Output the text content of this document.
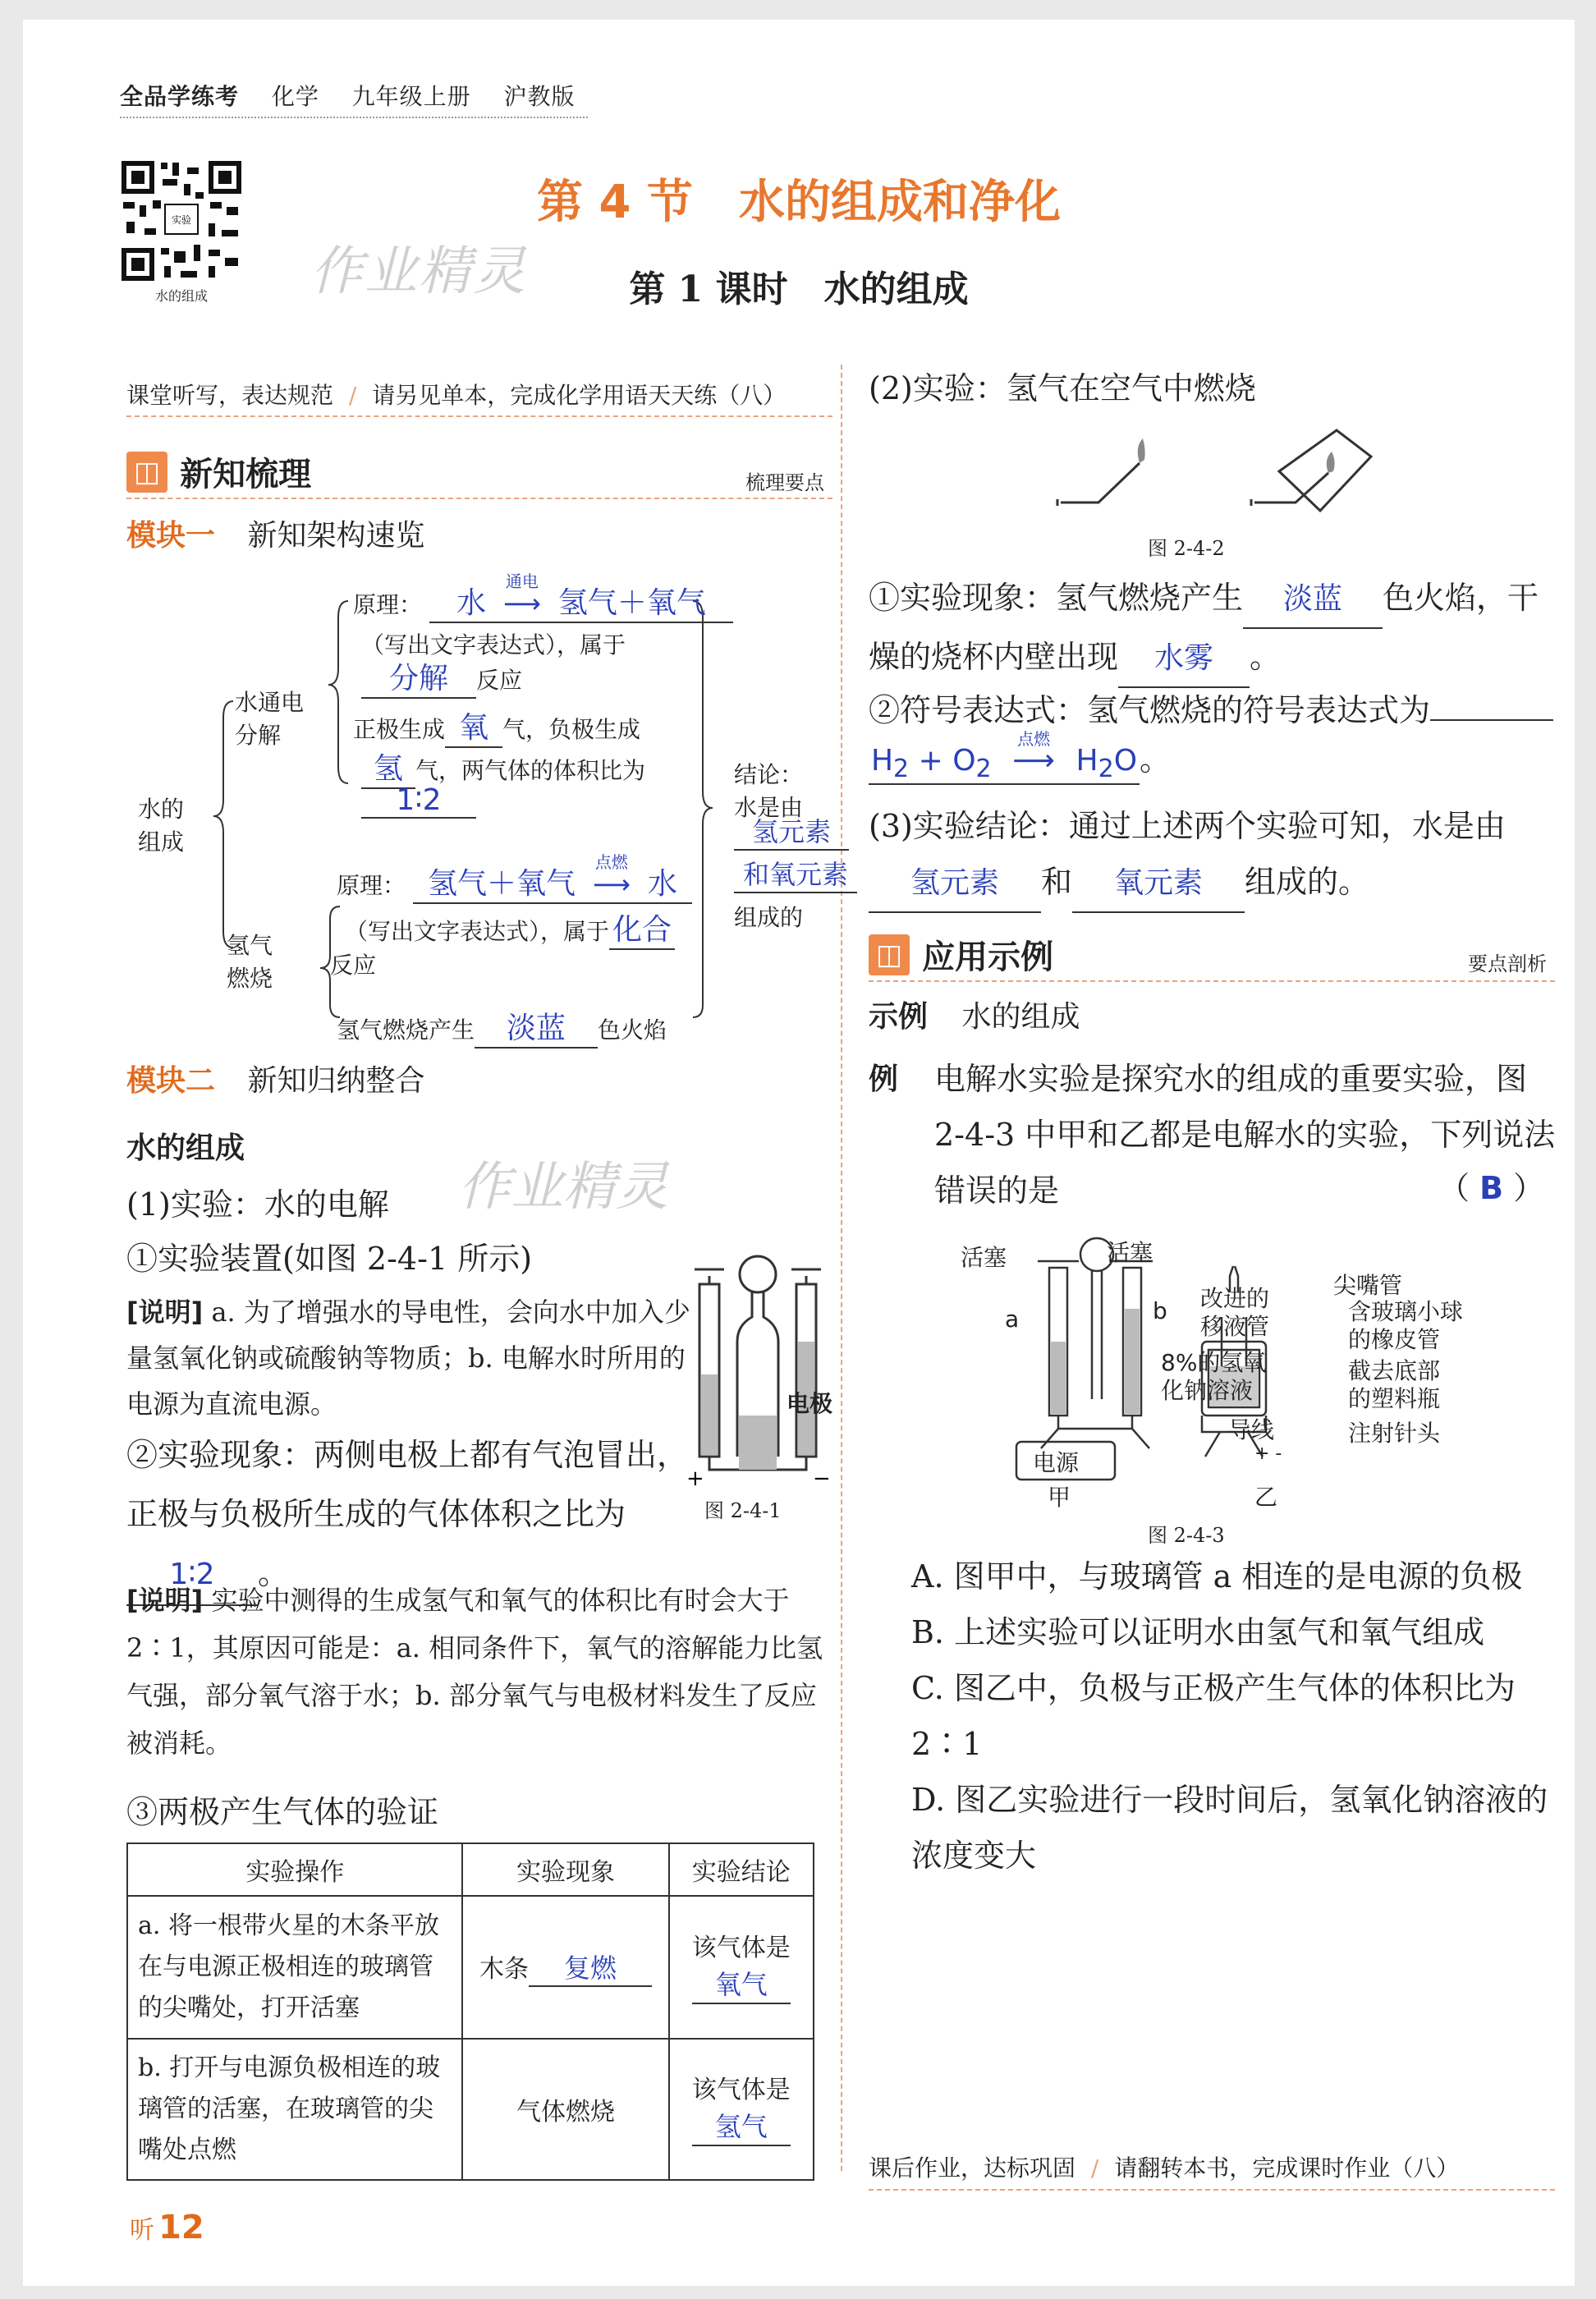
全品学练考 化学 九年级上册 沪教版
实验
水的组成	作业精灵
第 4 节　水的组成和净化
第 1 课时　水的组成
课堂听写，表达规范 / 请另见单本，完成化学用语天天练（八）
◫ 新知梳理	梳理要点
模块一 新知架构速览
水的组成
水通电分解
氢气燃烧
原理： 水
通电
⟶ 氢气＋氧气
（写出文字表达式），属于
分解 反应
正极生成 氧 气，负极生成
氢 气，两气体的体积比为
1∶2
原理： 氢气＋氧气
点燃
⟶ 水
（写出文字表达式），属于 化合
反应
氢气燃烧产生 淡蓝 色火焰
结论：
水是由
氢元素
和氧元素
组成的
模块二 新知归纳整合
水的组成
作业精灵
(1)实验：水的电解
①实验装置(如图 2-4-1 所示)
[说明] a. 为了增强水的导电性，会向水中加入少量氢氧化钠或硫酸钠等物质；b. 电解水时所用的电源为直流电源。
②实验现象：两侧电极上都有气泡冒出，正极与负极所生成的气体体积之比为1∶2 。
+	−
电极
图 2-4-1
[说明] 实验中测得的生成氢气和氧气的体积比有时会大于 2∶1，其原因可能是：a. 相同条件下，氧气的溶解能力比氢气强，部分氧气溶于水；b. 部分氧气与电极材料发生了反应被消耗。
③两极产生气体的验证
实验操作	实验现象	实验结论
a. 将一根带火星的木条平放在与电源正极相连的玻璃管的尖嘴处，打开活塞	木条 复燃	该气体是
氧气
b. 打开与电源负极相连的玻璃管的活塞，在玻璃管的尖嘴处点燃	气体燃烧	该气体是
氢气
(2)实验：氢气在空气中燃烧
图 2-4-2
①实验现象：氢气燃烧产生 淡蓝 色火焰，干燥的烧杯内壁出现 水雾 。
②符号表达式：氢气燃烧的符号表达式为
$H_2 + O_2$
点燃
⟶ $H_2O$。
(3)实验结论：通过上述两个实验可知，水是由氢元素 和 氧元素 组成的。
◫ 应用示例	要点剖析
示例 水的组成
例 电解水实验是探究水的组成的重要实验，图 2-4-3 中甲和乙都是电解水的实验，下列说法错误的是	（ B ）
活塞	活塞
a	b
电源
甲	乙
改进的
移液管
8%的氢氧
化钠溶液
导线
+ -
尖嘴管
含玻璃小球
的橡皮管
截去底部
的塑料瓶
注射针头
图 2-4-3
A. 图甲中，与玻璃管 a 相连的是电源的负极
B. 上述实验可以证明水由氢气和氧气组成
C. 图乙中，负极与正极产生气体的体积比为 2∶1
D. 图乙实验进行一段时间后，氢氧化钠溶液的浓度变大
课后作业，达标巩固 / 请翻转本书，完成课时作业（八）
听 12
